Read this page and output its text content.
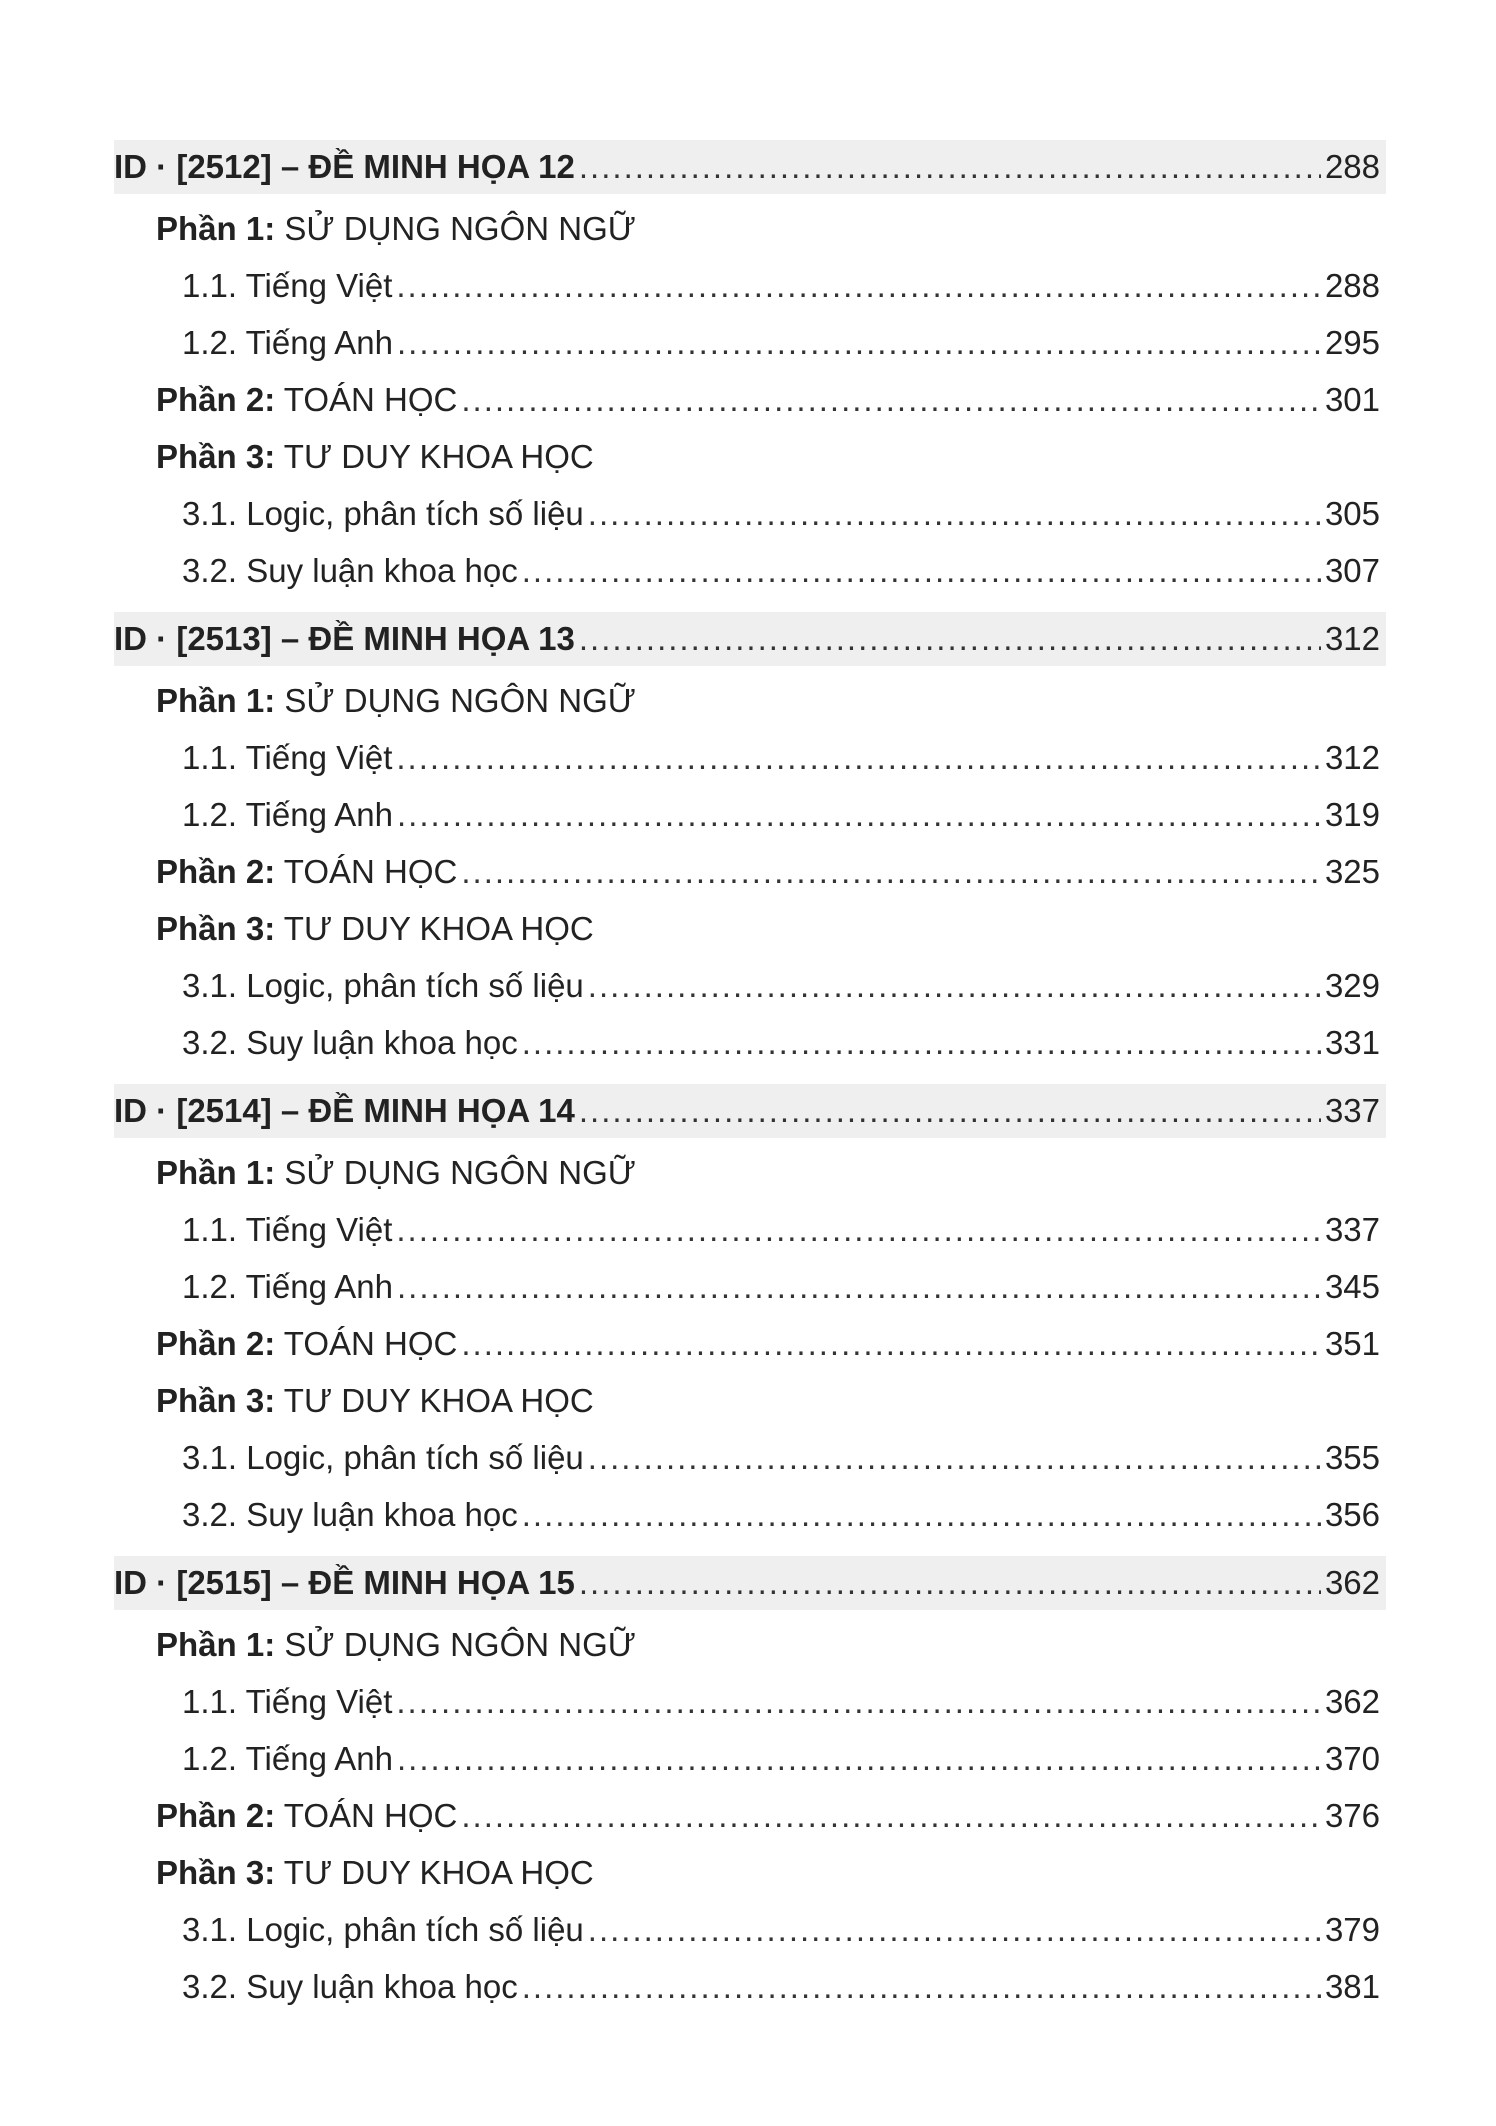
ID · [2512] – ĐỀ MINH HỌA 12 .....	288
Phần 1: SỬ DỤNG NGÔN NGỮ
1.1. Tiếng Việt .....	288
1.2. Tiếng Anh .....	295
Phần 2: TOÁN HỌC .....	301
Phần 3: TƯ DUY KHOA HỌC
3.1. Logic, phân tích số liệu .....	305
3.2. Suy luận khoa học .....	307
ID · [2513] – ĐỀ MINH HỌA 13 .....	312
Phần 1: SỬ DỤNG NGÔN NGỮ
1.1. Tiếng Việt .....	312
1.2. Tiếng Anh .....	319
Phần 2: TOÁN HỌC .....	325
Phần 3: TƯ DUY KHOA HỌC
3.1. Logic, phân tích số liệu .....	329
3.2. Suy luận khoa học .....	331
ID · [2514] – ĐỀ MINH HỌA 14 .....	337
Phần 1: SỬ DỤNG NGÔN NGỮ
1.1. Tiếng Việt .....	337
1.2. Tiếng Anh .....	345
Phần 2: TOÁN HỌC .....	351
Phần 3: TƯ DUY KHOA HỌC
3.1. Logic, phân tích số liệu .....	355
3.2. Suy luận khoa học .....	356
ID · [2515] – ĐỀ MINH HỌA 15 .....	362
Phần 1: SỬ DỤNG NGÔN NGỮ
1.1. Tiếng Việt .....	362
1.2. Tiếng Anh .....	370
Phần 2: TOÁN HỌC .....	376
Phần 3: TƯ DUY KHOA HỌC
3.1. Logic, phân tích số liệu .....	379
3.2. Suy luận khoa học .....	381
